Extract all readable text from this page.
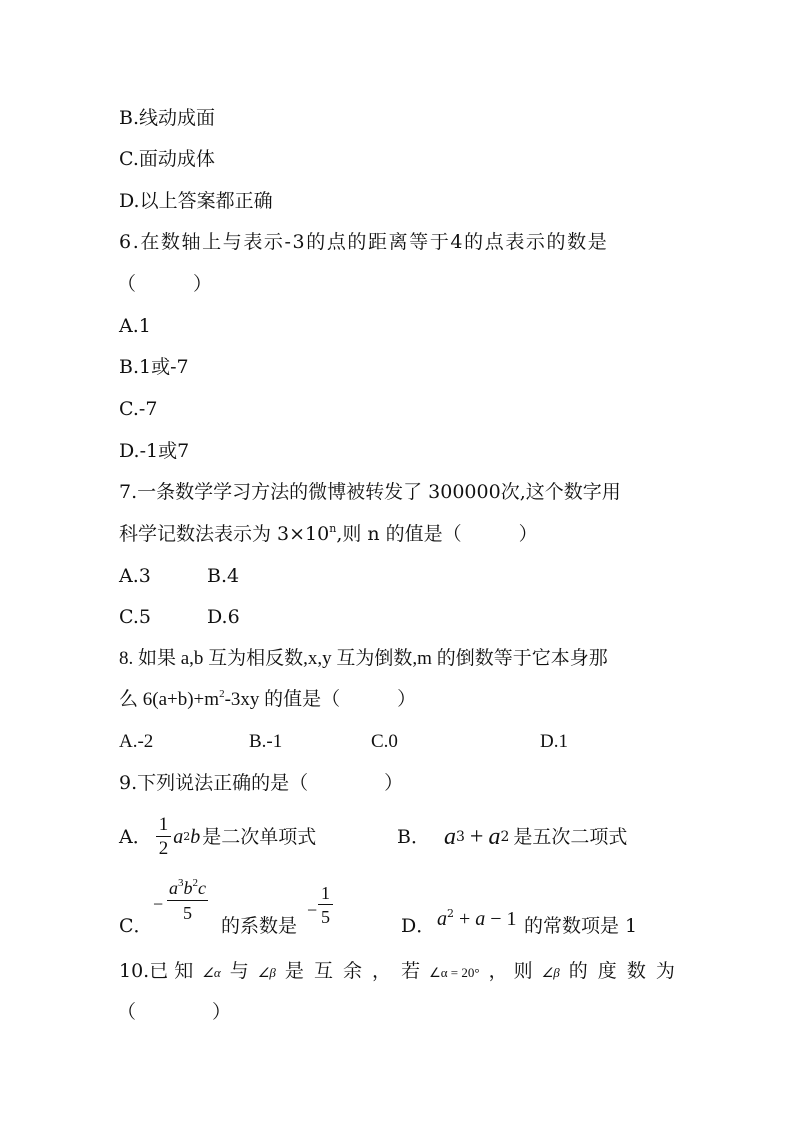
B.线动成面
C.面动成体
D.以上答案都正确
6.在数轴上与表示-3的点的距离等于4的点表示的数是
（　　　）
A.1
B.1或-7
C.-7
D.-1或7
7.一条数学学习方法的微博被转发了 300000次,这个数字用
科学记数法表示为 $3\times 10^n$,则 n 的值是（　　　）
A.3	B.4
C.5	D.6
8. 如果 a,b 互为相反数,x,y 互为倒数,m 的倒数等于它本身那
么 $6(a+b)+m^2-3xy$ 的值是（　　　）
A.-2	B.-1	C.0	D.1
9.下列说法正确的是（　　　　）
A． $\frac{1}{2}$ a 2 b 是二次单项式	B． a 3 + a 2 是五次二项式
C．
− $\frac{a^3b^2c}{5}$
的系数是
− $\frac{1}{5}$	D． $a^2 + a - 1$ 的常数项是 1
10.已 知 ∠α 与 ∠β 是 互 余 ， 若 ∠α = 20° ， 则 ∠β 的 度 数 为
（　　　　）
